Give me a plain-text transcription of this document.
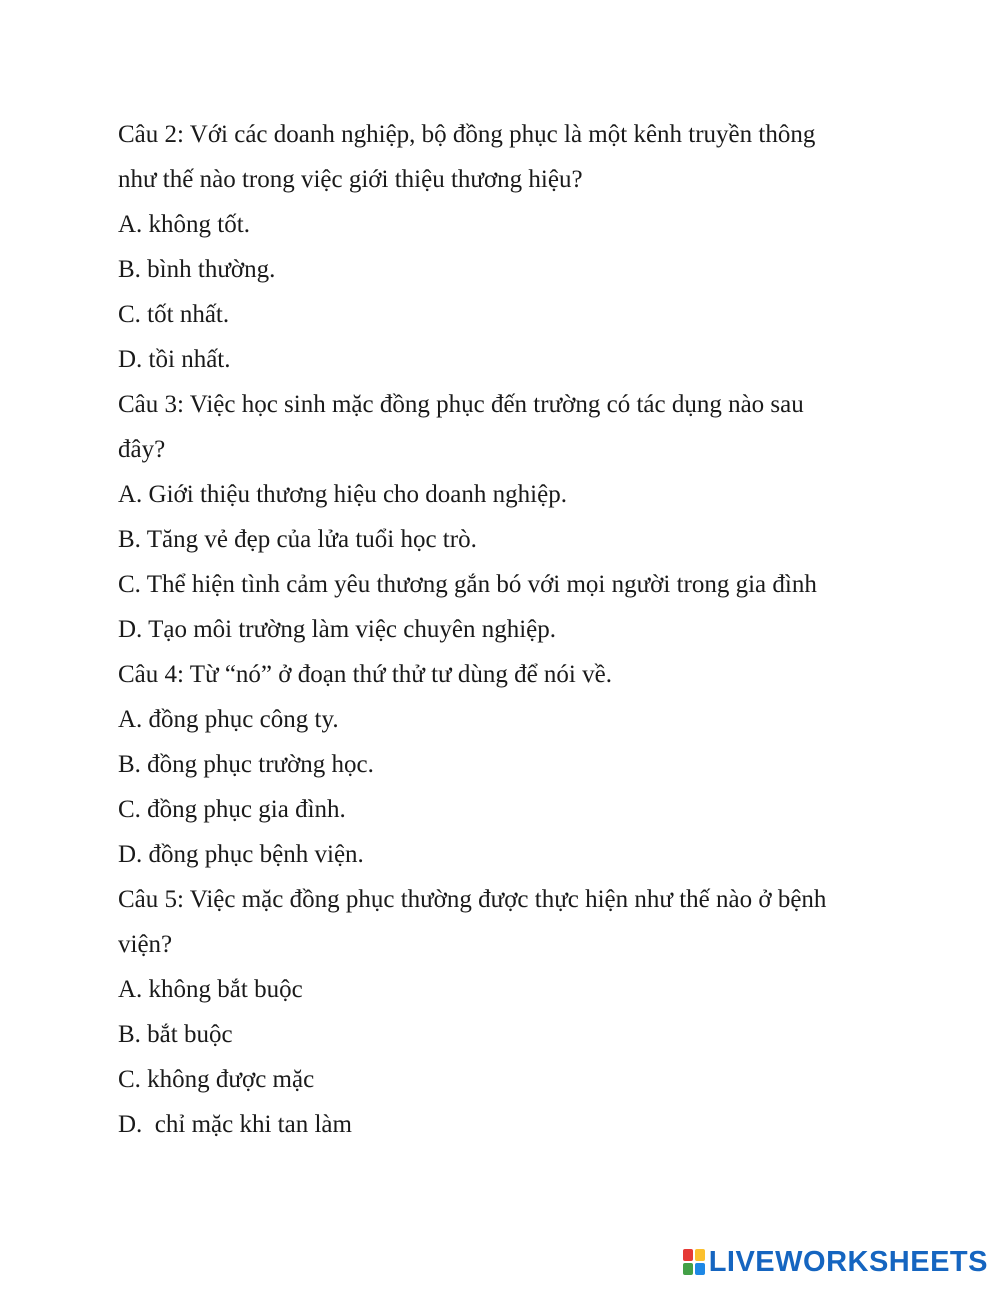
Câu 2: Với các doanh nghiệp, bộ đồng phục là một kênh truyền thông
như thế nào trong việc giới thiệu thương hiệu?
A. không tốt.
B. bình thường.
C. tốt nhất.
D. tồi nhất.
Câu 3: Việc học sinh mặc đồng phục đến trường có tác dụng nào sau
đây?
A. Giới thiệu thương hiệu cho doanh nghiệp.
B. Tăng vẻ đẹp của lửa tuổi học trò.
C. Thể hiện tình cảm yêu thương gắn bó với mọi người trong gia đình
D. Tạo môi trường làm việc chuyên nghiệp.
Câu 4: Từ “nó” ở đoạn thứ thử tư dùng để nói về.
A. đồng phục công ty.
B. đồng phục trường học.
C. đồng phục gia đình.
D. đồng phục bệnh viện.
Câu 5: Việc mặc đồng phục thường được thực hiện như thế nào ở bệnh
viện?
A. không bắt buộc
B. bắt buộc
C. không được mặc
D.  chỉ mặc khi tan làm
LIVEWORKSHEETS
